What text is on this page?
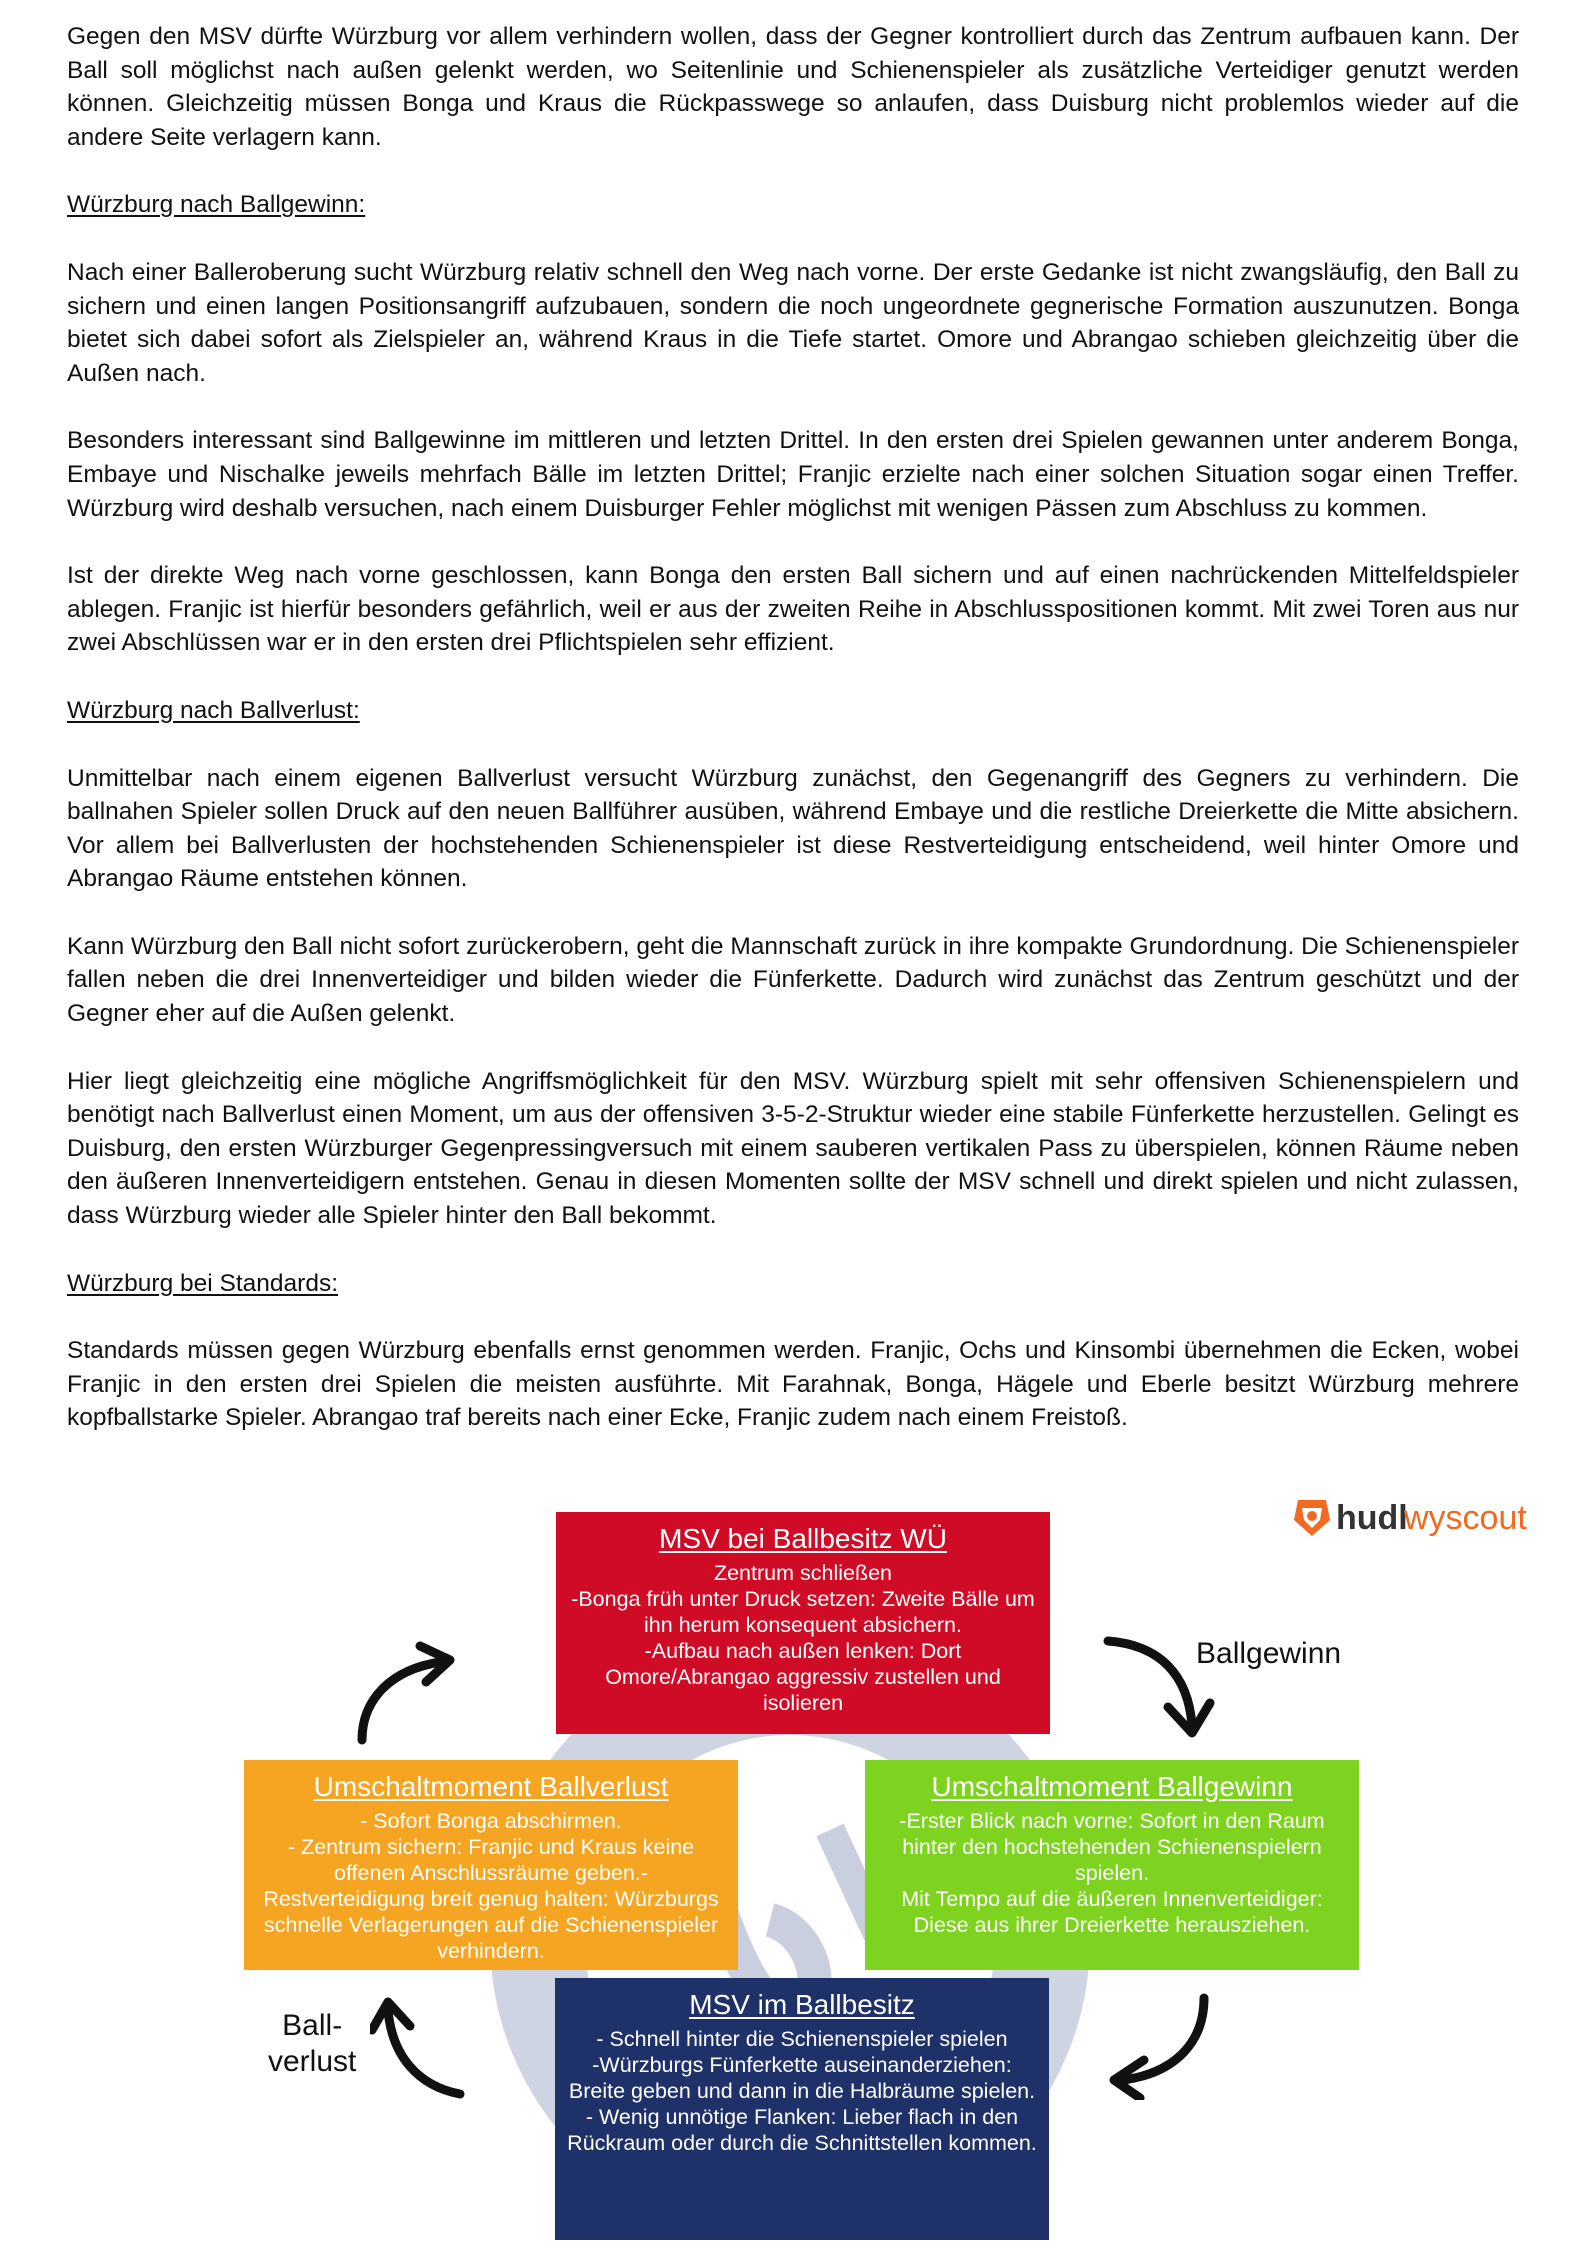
Gegen den MSV dürfte Würzburg vor allem verhindern wollen, dass der Gegner kontrolliert durch das Zentrum aufbauen kann. Der Ball soll möglichst nach außen gelenkt werden, wo Seitenlinie und Schienenspieler als zusätzliche Verteidiger genutzt werden können. Gleichzeitig müssen Bonga und Kraus die Rückpasswege so anlaufen, dass Duisburg nicht problemlos wieder auf die andere Seite verlagern kann.

Würzburg nach Ballgewinn:

Nach einer Balleroberung sucht Würzburg relativ schnell den Weg nach vorne. Der erste Gedanke ist nicht zwangsläufig, den Ball zu sichern und einen langen Positionsangriff aufzubauen, sondern die noch ungeordnete gegnerische Formation auszunutzen. Bonga bietet sich dabei sofort als Zielspieler an, während Kraus in die Tiefe startet. Omore und Abrangao schieben gleichzeitig über die Außen nach.

Besonders interessant sind Ballgewinne im mittleren und letzten Drittel. In den ersten drei Spielen gewannen unter anderem Bonga, Embaye und Nischalke jeweils mehrfach Bälle im letzten Drittel; Franjic erzielte nach einer solchen Situation sogar einen Treffer. Würzburg wird deshalb versuchen, nach einem Duisburger Fehler möglichst mit wenigen Pässen zum Abschluss zu kommen.

Ist der direkte Weg nach vorne geschlossen, kann Bonga den ersten Ball sichern und auf einen nachrückenden Mittelfeldspieler ablegen. Franjic ist hierfür besonders gefährlich, weil er aus der zweiten Reihe in Abschlusspositionen kommt. Mit zwei Toren aus nur zwei Abschlüssen war er in den ersten drei Pflichtspielen sehr effizient.

Würzburg nach Ballverlust:

Unmittelbar nach einem eigenen Ballverlust versucht Würzburg zunächst, den Gegenangriff des Gegners zu verhindern. Die ballnahen Spieler sollen Druck auf den neuen Ballführer ausüben, während Embaye und die restliche Dreierkette die Mitte absichern. Vor allem bei Ballverlusten der hochstehenden Schienenspieler ist diese Restverteidigung entscheidend, weil hinter Omore und Abrangao Räume entstehen können.

Kann Würzburg den Ball nicht sofort zurückerobern, geht die Mannschaft zurück in ihre kompakte Grundordnung. Die Schienenspieler fallen neben die drei Innenverteidiger und bilden wieder die Fünferkette. Dadurch wird zunächst das Zentrum geschützt und der Gegner eher auf die Außen gelenkt.

Hier liegt gleichzeitig eine mögliche Angriffsmöglichkeit für den MSV. Würzburg spielt mit sehr offensiven Schienenspielern und benötigt nach Ballverlust einen Moment, um aus der offensiven 3-5-2-Struktur wieder eine stabile Fünferkette herzustellen. Gelingt es Duisburg, den ersten Würzburger Gegenpressingversuch mit einem sauberen vertikalen Pass zu überspielen, können Räume neben den äußeren Innenverteidigern entstehen. Genau in diesen Momenten sollte der MSV schnell und direkt spielen und nicht zulassen, dass Würzburg wieder alle Spieler hinter den Ball bekommt.

Würzburg bei Standards:

Standards müssen gegen Würzburg ebenfalls ernst genommen werden. Franjic, Ochs und Kinsombi übernehmen die Ecken, wobei Franjic in den ersten drei Spielen die meisten ausführte. Mit Farahnak, Bonga, Hägele und Eberle besitzt Würzburg mehrere kopfballstarke Spieler. Abrangao traf bereits nach einer Ecke, Franjic zudem nach einem Freistoß.

hudl
wyscout
MSV bei Ballbesitz WÜ
Zentrum schließen
-Bonga früh unter Druck setzen: Zweite Bälle um ihn herum konsequent absichern.
-Aufbau nach außen lenken: Dort Omore/Abrangao aggressiv zustellen und isolieren
Umschaltmoment Ballverlust
- Sofort Bonga abschirmen.
- Zentrum sichern: Franjic und Kraus keine offenen Anschlussräume geben.- Restverteidigung breit genug halten: Würzburgs schnelle Verlagerungen auf die Schienenspieler verhindern.
Umschaltmoment Ballgewinn
-Erster Blick nach vorne: Sofort in den Raum hinter den hochstehenden Schienenspielern spielen.
Mit Tempo auf die äußeren Innenverteidiger: Diese aus ihrer Dreierkette herausziehen.
MSV im Ballbesitz
- Schnell hinter die Schienenspieler spielen
-Würzburgs Fünferkette auseinanderziehen: Breite geben und dann in die Halbräume spielen.
- Wenig unnötige Flanken: Lieber flach in den Rückraum oder durch die Schnittstellen kommen.
Ballgewinn
Ball-
verlust
